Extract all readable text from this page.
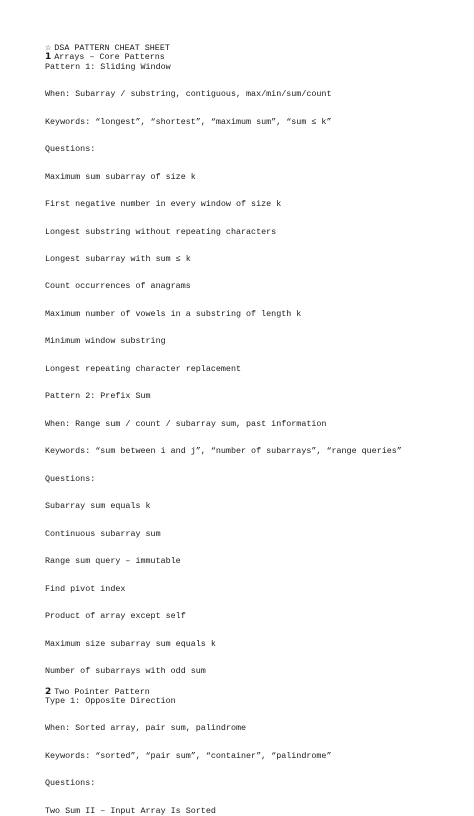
☆ DSA PATTERN CHEAT SHEET
1 Arrays – Core Patterns
Pattern 1: Sliding Window
When: Subarray / substring, contiguous, max/min/sum/count
Keywords: “longest”, “shortest”, “maximum sum”, “sum ≤ k”
Questions:
Maximum sum subarray of size k
First negative number in every window of size k
Longest substring without repeating characters
Longest subarray with sum ≤ k
Count occurrences of anagrams
Maximum number of vowels in a substring of length k
Minimum window substring
Longest repeating character replacement
Pattern 2: Prefix Sum
When: Range sum / count / subarray sum, past information
Keywords: “sum between i and j”, “number of subarrays”, “range queries”
Questions:
Subarray sum equals k
Continuous subarray sum
Range sum query – immutable
Find pivot index
Product of array except self
Maximum size subarray sum equals k
Number of subarrays with odd sum
2 Two Pointer Pattern
Type 1: Opposite Direction
When: Sorted array, pair sum, palindrome
Keywords: “sorted”, “pair sum”, “container”, “palindrome”
Questions:
Two Sum II – Input Array Is Sorted
